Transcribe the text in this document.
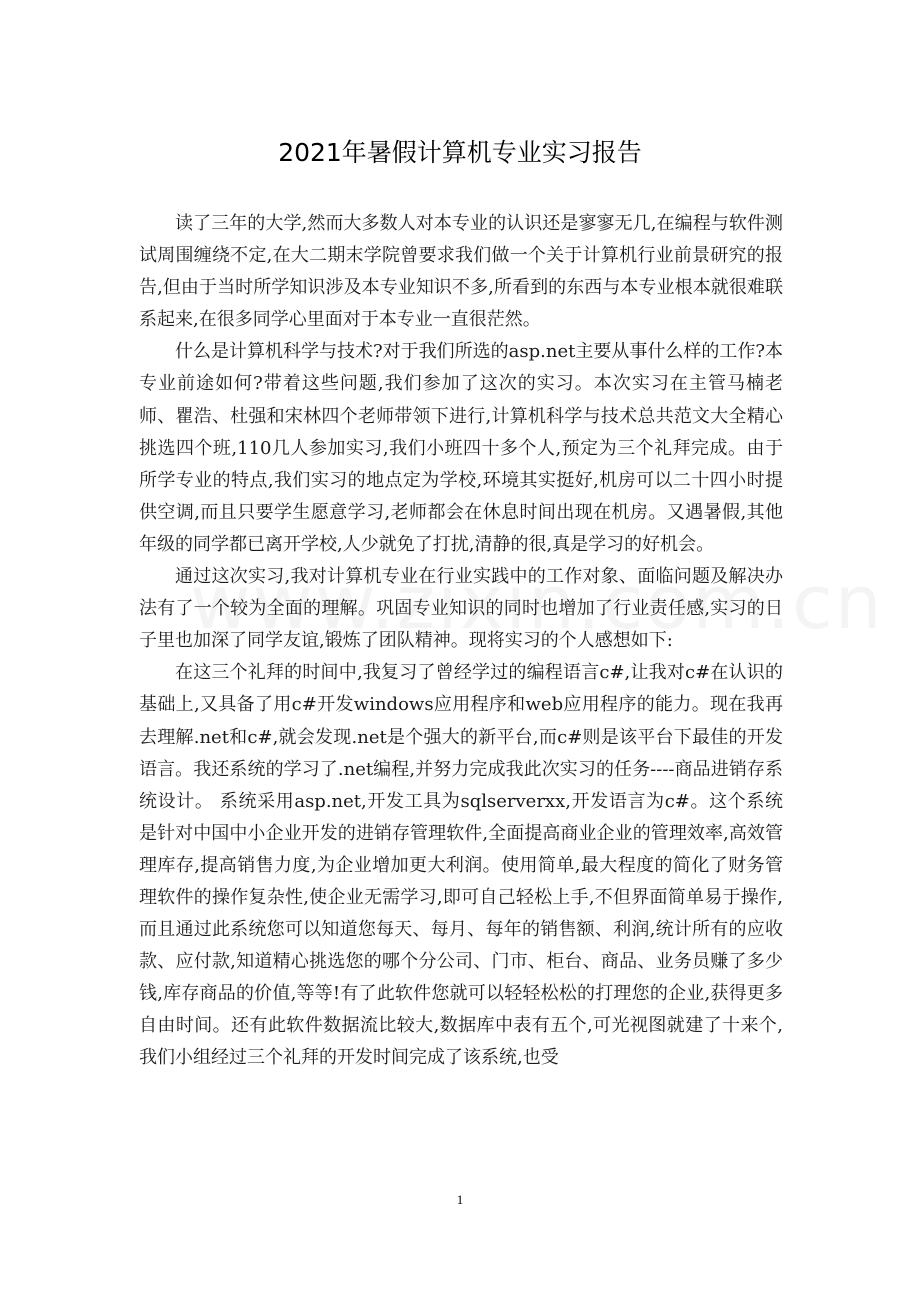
2021年暑假计算机专业实习报告

读了三年的大学,然而大多数人对本专业的认识还是寥寥无几,在编程与软件测试周围缠绕不定,在大二期末学院曾要求我们做一个关于计算机行业前景研究的报告,但由于当时所学知识涉及本专业知识不多,所看到的东西与本专业根本就很难联系起来,在很多同学心里面对于本专业一直很茫然。

什么是计算机科学与技术?对于我们所选的asp.net主要从事什么样的工作?本专业前途如何?带着这些问题,我们参加了这次的实习。本次实习在主管马楠老师、瞿浩、杜强和宋林四个老师带领下进行,计算机科学与技术总共范文大全精心挑选四个班,110几人参加实习,我们小班四十多个人,预定为三个礼拜完成。由于所学专业的特点,我们实习的地点定为学校,环境其实挺好,机房可以二十四小时提供空调,而且只要学生愿意学习,老师都会在休息时间出现在机房。又遇暑假,其他年级的同学都已离开学校,人少就免了打扰,清静的很,真是学习的好机会。

通过这次实习,我对计算机专业在行业实践中的工作对象、面临问题及解决办法有了一个较为全面的理解。巩固专业知识的同时也增加了行业责任感,实习的日子里也加深了同学友谊,锻炼了团队精神。现将实习的个人感想如下:

在这三个礼拜的时间中,我复习了曾经学过的编程语言c#,让我对c#在认识的基础上,又具备了用c#开发windows应用程序和web应用程序的能力。现在我再去理解.net和c#,就会发现.net是个强大的新平台,而c#则是该平台下最佳的开发语言。我还系统的学习了.net编程,并努力完成我此次实习的任务----商品进销存系统设计。 系统采用asp.net,开发工具为sqlserverxx,开发语言为c#。这个系统是针对中国中小企业开发的进销存管理软件,全面提高商业企业的管理效率,高效管理库存,提高销售力度,为企业增加更大利润。使用简单,最大程度的简化了财务管理软件的操作复杂性,使企业无需学习,即可自己轻松上手,不但界面简单易于操作,而且通过此系统您可以知道您每天、每月、每年的销售额、利润,统计所有的应收款、应付款,知道精心挑选您的哪个分公司、门市、柜台、商品、业务员赚了多少钱,库存商品的价值,等等!有了此软件您就可以轻轻松松的打理您的企业,获得更多自由时间。还有此软件数据流比较大,数据库中表有五个,可光视图就建了十来个,我们小组经过三个礼拜的开发时间完成了该系统,也受

1
